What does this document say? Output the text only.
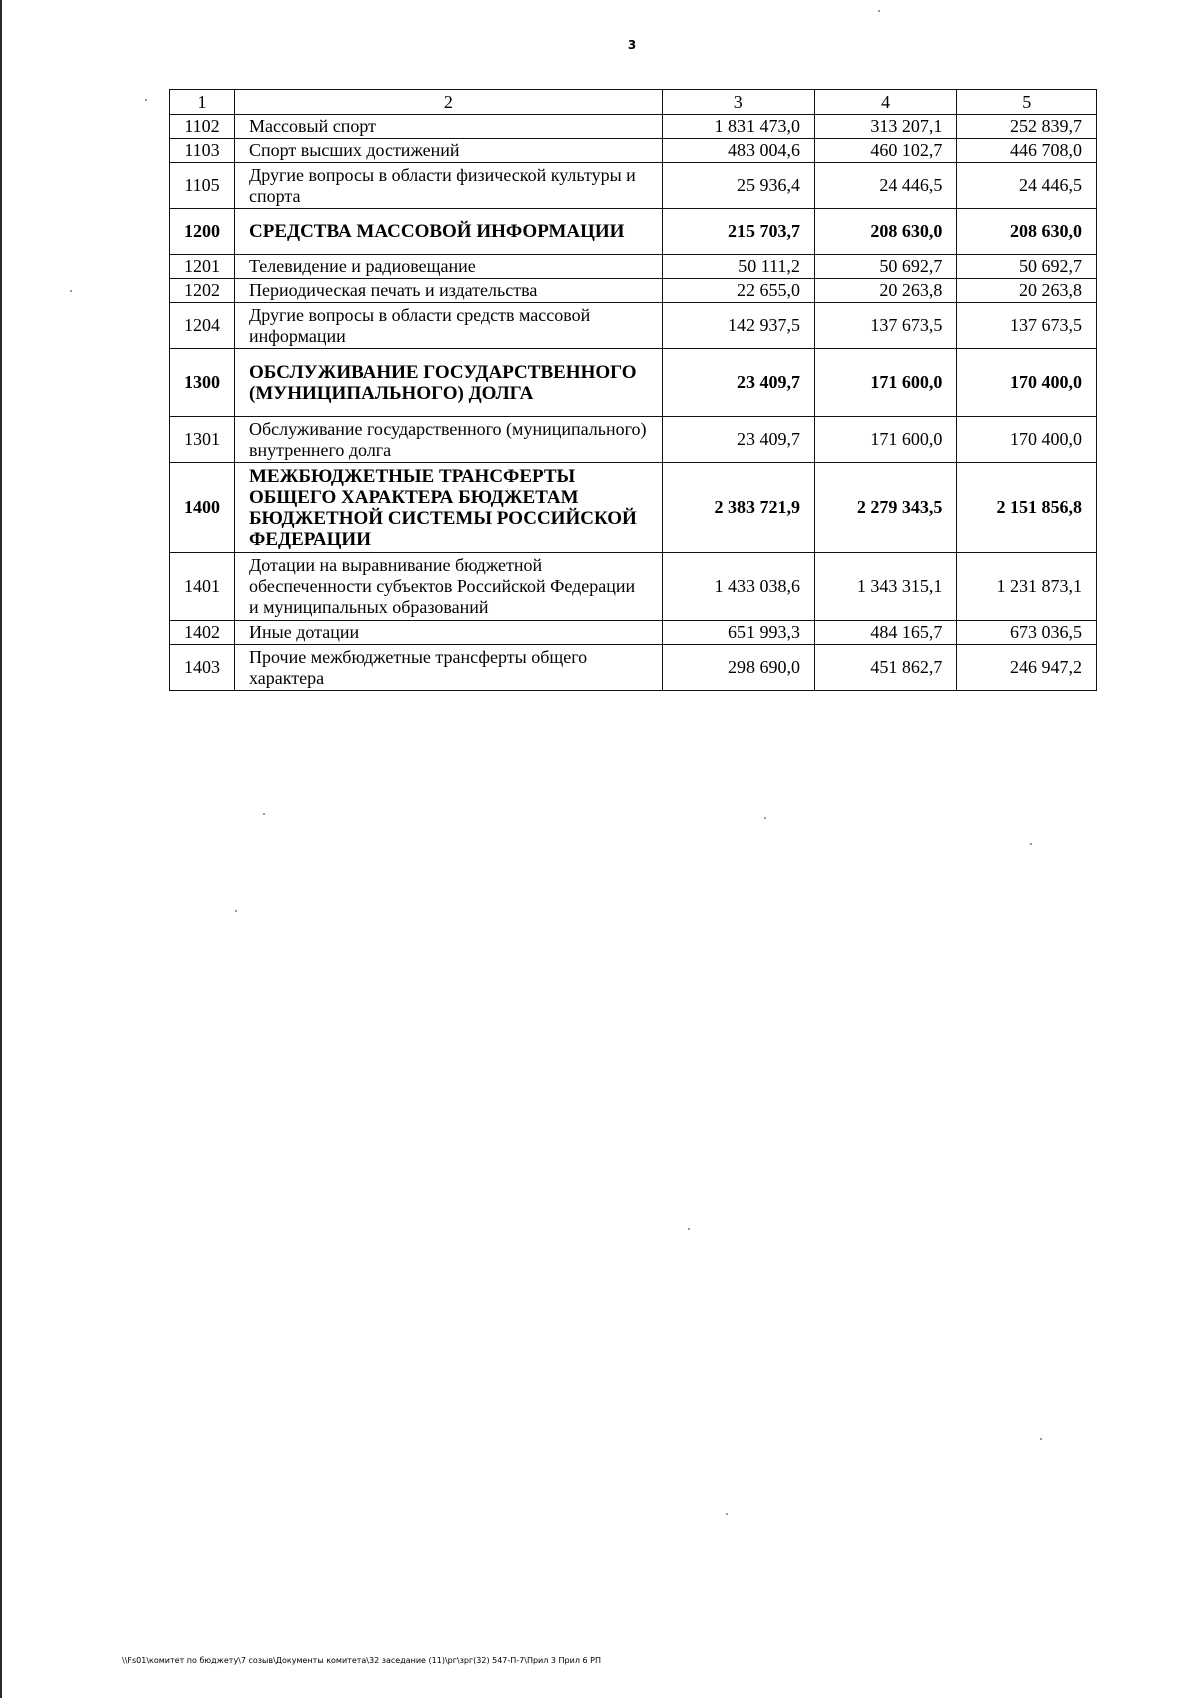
3
1	2	3	4	5
1102	Массовый спорт	1 831 473,0	313 207,1	252 839,7
1103	Спорт высших достижений	483 004,6	460 102,7	446 708,0
1105	Другие вопросы в области физической культуры и спорта	25 936,4	24 446,5	24 446,5
1200	СРЕДСТВА МАССОВОЙ ИНФОРМАЦИИ	215 703,7	208 630,0	208 630,0
1201	Телевидение и радиовещание	50 111,2	50 692,7	50 692,7
1202	Периодическая печать и издательства	22 655,0	20 263,8	20 263,8
1204	Другие вопросы в области средств массовой информации	142 937,5	137 673,5	137 673,5
1300	ОБСЛУЖИВАНИЕ ГОСУДАРСТВЕННОГО (МУНИЦИПАЛЬНОГО) ДОЛГА	23 409,7	171 600,0	170 400,0
1301	Обслуживание государственного (муниципального) внутреннего долга	23 409,7	171 600,0	170 400,0
1400	МЕЖБЮДЖЕТНЫЕ ТРАНСФЕРТЫ ОБЩЕГО ХАРАКТЕРА БЮДЖЕТАМ БЮДЖЕТНОЙ СИСТЕМЫ РОССИЙСКОЙ ФЕДЕРАЦИИ	2 383 721,9	2 279 343,5	2 151 856,8
1401	Дотации на выравнивание бюджетной обеспеченности субъектов Российской Федерации и муниципальных образований	1 433 038,6	1 343 315,1	1 231 873,1
1402	Иные дотации	651 993,3	484 165,7	673 036,5
1403	Прочие межбюджетные трансферты общего характера	298 690,0	451 862,7	246 947,2
\\Fs01\комитет по бюджету\7 созыв\Документы комитета\32 заседание (11)\рг\зрг(32) 547-П-7\Прил 3 Прил 6 РП
